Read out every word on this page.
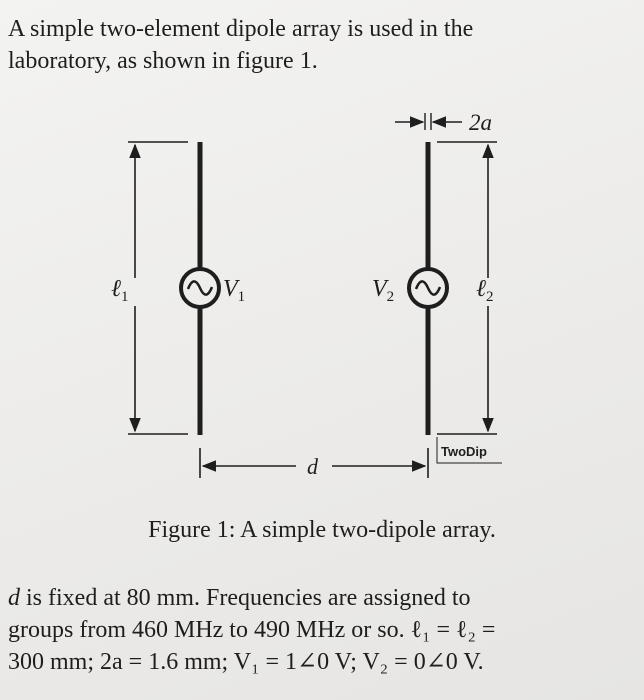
A simple two-element dipole array is used in the
laboratory, as shown in figure 1.

2a
ℓ$_1$	$V_1$	$V_2$	ℓ$_2$
d
TwoDip

Figure 1: A simple two-dipole array.

d is fixed at 80 mm. Frequencies are assigned to
groups from 460 MHz to 490 MHz or so. ℓ₁ = ℓ₂ =
300 mm; 2a = 1.6 mm; V₁ = 1∠0 V; V₂ = 0∠0 V.
